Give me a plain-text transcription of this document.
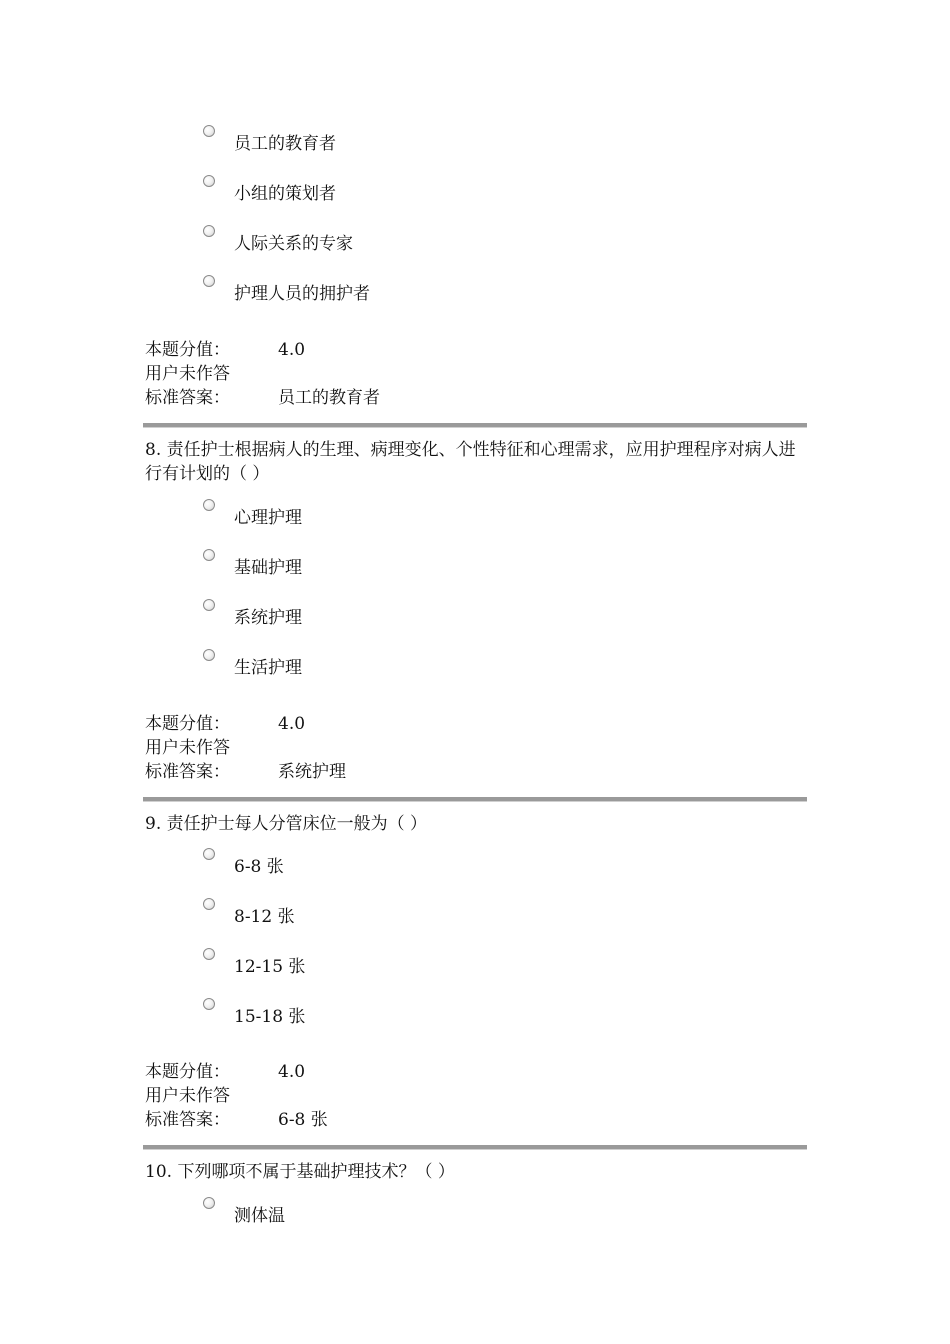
员工的教育者
小组的策划者
人际关系的专家
护理人员的拥护者
本题分值：	4.0
用户未作答
标准答案：	员工的教育者
8. 责任护士根据病人的生理、病理变化、个性特征和心理需求，应用护理程序对病人进行有计划的（ ）
心理护理
基础护理
系统护理
生活护理
本题分值：	4.0
用户未作答
标准答案：	系统护理
9. 责任护士每人分管床位一般为（ ）
6-8 张
8-12 张
12-15 张
15-18 张
本题分值：	4.0
用户未作答
标准答案：	6-8 张
10. 下列哪项不属于基础护理技术？（ ）
测体温
